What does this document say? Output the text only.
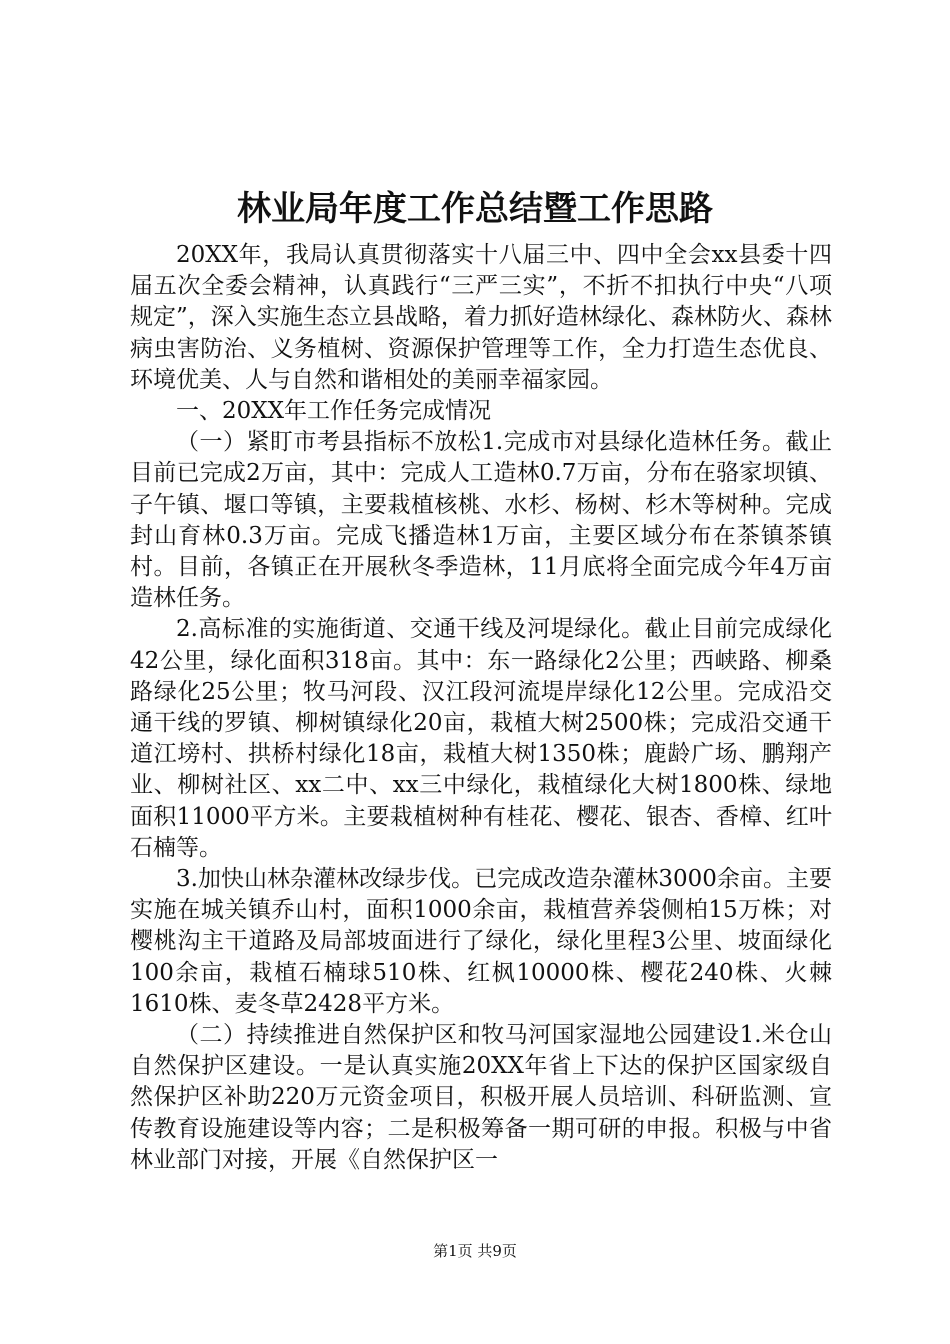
林业局年度工作总结暨工作思路

20XX年，我局认真贯彻落实十八届三中、四中全会xx县委十四届五次全委会精神，认真践行“三严三实”，不折不扣执行中央“八项规定”，深入实施生态立县战略，着力抓好造林绿化、森林防火、森林病虫害防治、义务植树、资源保护管理等工作，全力打造生态优良、环境优美、人与自然和谐相处的美丽幸福家园。

一、20XX年工作任务完成情况

（一）紧盯市考县指标不放松1.完成市对县绿化造林任务。截止目前已完成2万亩，其中：完成人工造林0.7万亩，分布在骆家坝镇、子午镇、堰口等镇，主要栽植核桃、水杉、杨树、杉木等树种。完成封山育林0.3万亩。完成飞播造林1万亩，主要区域分布在茶镇茶镇村。目前，各镇正在开展秋冬季造林，11月底将全面完成今年4万亩造林任务。

2.高标准的实施街道、交通干线及河堤绿化。截止目前完成绿化42公里，绿化面积318亩。其中：东一路绿化2公里；西峡路、柳桑路绿化25公里；牧马河段、汉江段河流堤岸绿化12公里。完成沿交通干线的罗镇、柳树镇绿化20亩，栽植大树2500株；完成沿交通干道江塝村、拱桥村绿化18亩，栽植大树1350株；鹿龄广场、鹏翔产业、柳树社区、xx二中、xx三中绿化，栽植绿化大树1800株、绿地面积11000平方米。主要栽植树种有桂花、樱花、银杏、香樟、红叶石楠等。

3.加快山林杂灌林改绿步伐。已完成改造杂灌林3000余亩。主要实施在城关镇乔山村，面积1000余亩，栽植营养袋侧柏15万株；对樱桃沟主干道路及局部坡面进行了绿化，绿化里程3公里、坡面绿化100余亩，栽植石楠球510株、红枫10000株、樱花240株、火棘1610株、麦冬草2428平方米。

（二）持续推进自然保护区和牧马河国家湿地公园建设1.米仓山自然保护区建设。一是认真实施20XX年省上下达的保护区国家级自然保护区补助220万元资金项目，积极开展人员培训、科研监测、宣传教育设施建设等内容；二是积极筹备一期可研的申报。积极与中省林业部门对接，开展《自然保护区一

第1页 共9页
